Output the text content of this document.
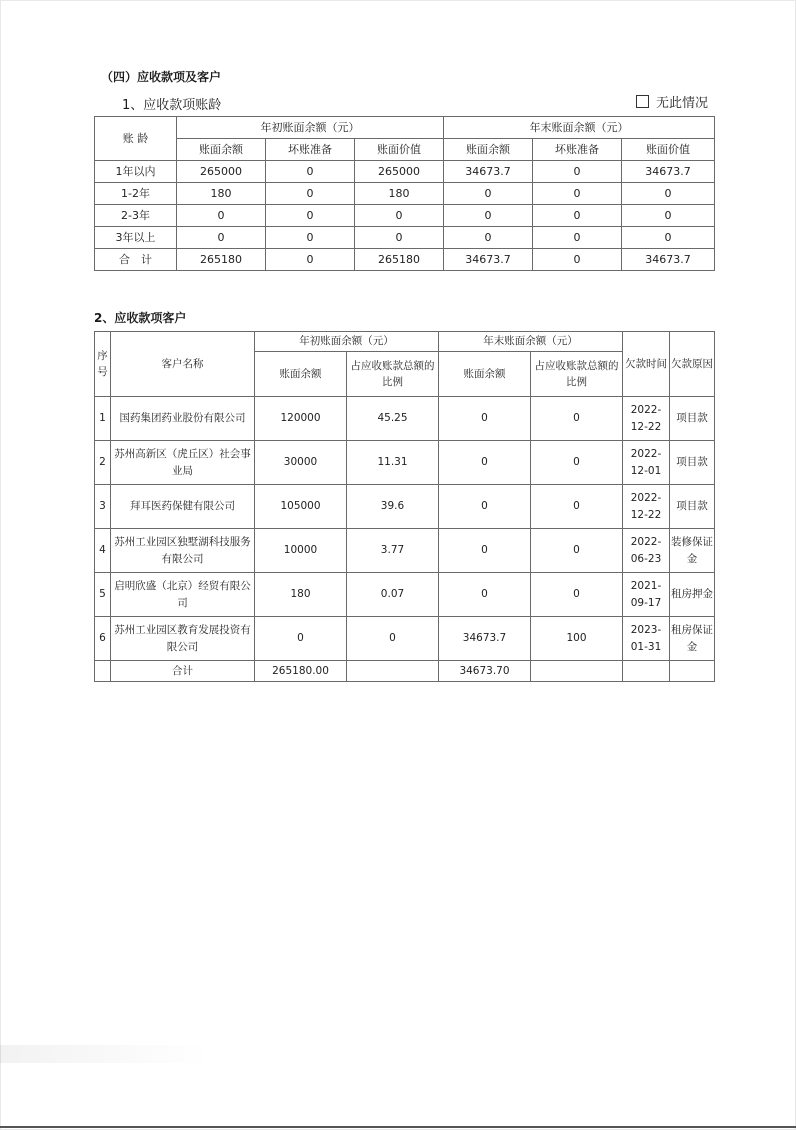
（四）应收款项及客户
1、应收款项账龄	无此情况
账 龄	年初账面余额（元）			年末账面余额（元）		
	账面余额	坏账准备	账面价值	账面余额	坏账准备	账面价值
1年以内	265000	0	265000	34673.7	0	34673.7
1-2年	180	0	180	0	0	0
2-3年	0	0	0	0	0	0
3年以上	0	0	0	0	0	0
合　计	265180	0	265180	34673.7	0	34673.7
2、应收款项客户
序号	客户名称	年初账面余额（元）		年末账面余额（元）		欠款时间	欠款原因
		账面余额	占应收账款总额的比例	账面余额	占应收账款总额的比例		
1	国药集团药业股份有限公司	120000	45.25	0	0	2022-12-22	项目款
2	苏州高新区（虎丘区）社会事业局	30000	11.31	0	0	2022-12-01	项目款
3	拜耳医药保健有限公司	105000	39.6	0	0	2022-12-22	项目款
4	苏州工业园区独墅湖科技服务有限公司	10000	3.77	0	0	2022-06-23	装修保证金
5	启明欣盛（北京）经贸有限公司	180	0.07	0	0	2021-09-17	租房押金
6	苏州工业园区教育发展投资有限公司	0	0	34673.7	100	2023-01-31	租房保证金
	合计	265180.00		34673.70			
